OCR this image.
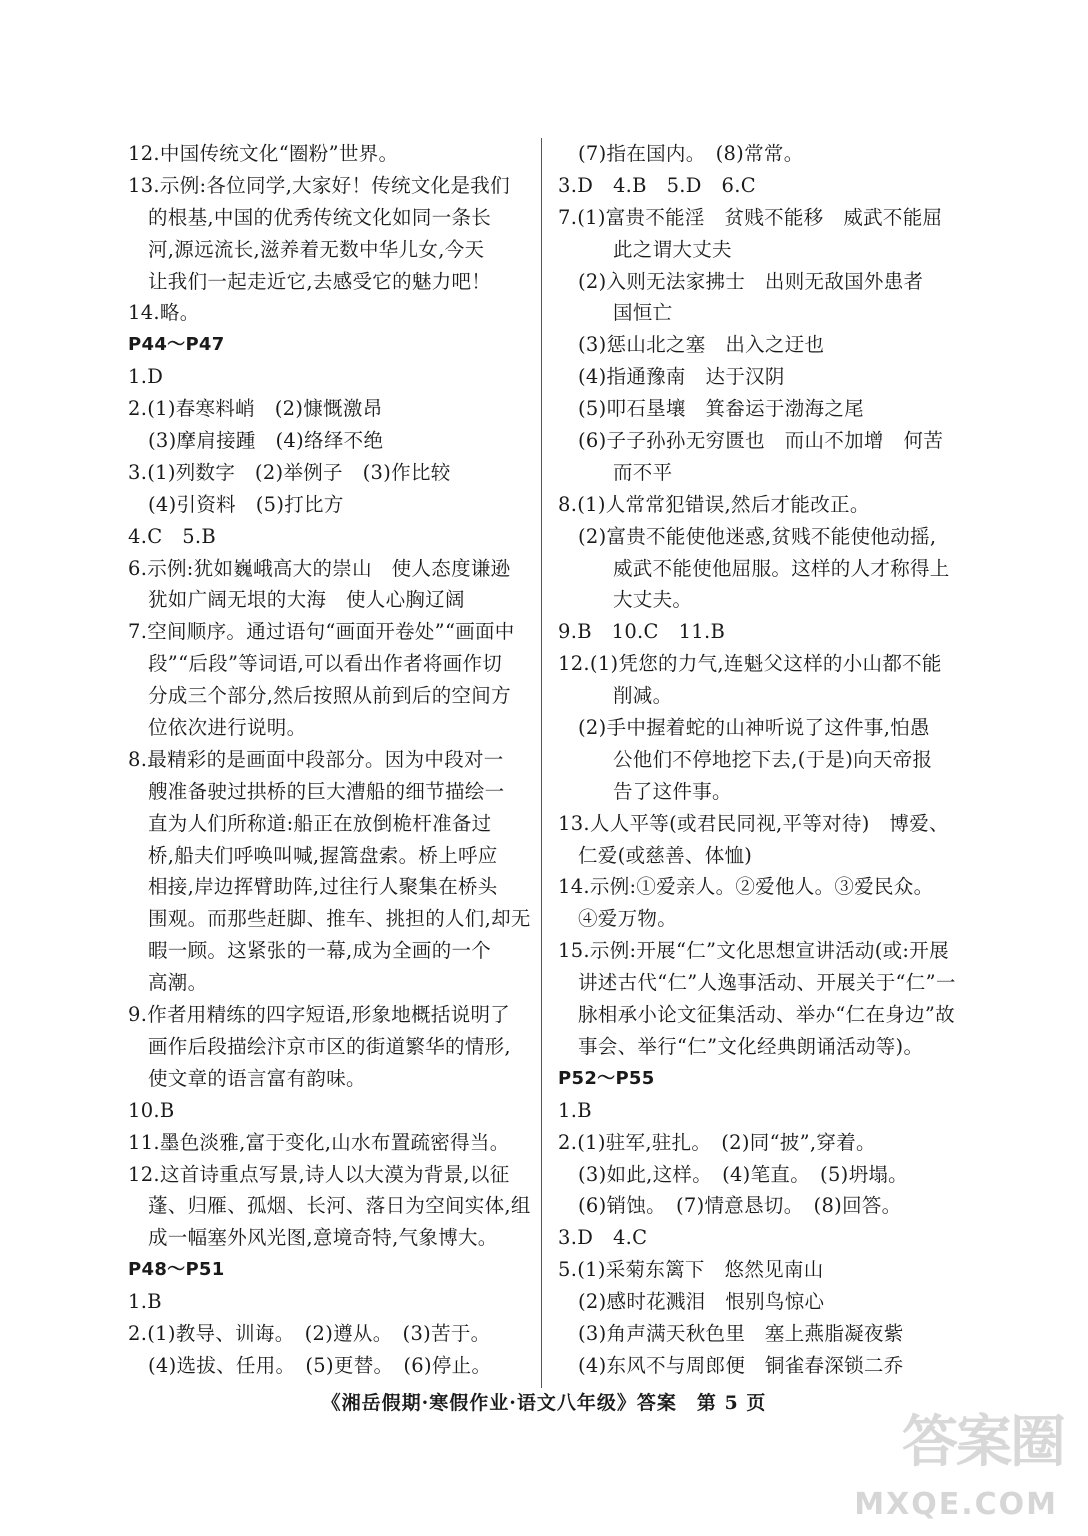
12.中国传统文化“圈粉”世界。
13.示例:各位同学,大家好！传统文化是我们
的根基,中国的优秀传统文化如同一条长
河,源远流长,滋养着无数中华儿女,今天
让我们一起走近它,去感受它的魅力吧！
14.略。
P44～P47
1.D
2.(1)春寒料峭　(2)慷慨激昂
(3)摩肩接踵　(4)络绎不绝
3.(1)列数字　(2)举例子　(3)作比较
(4)引资料　(5)打比方
4.C　5.B
6.示例:犹如巍峨高大的崇山　使人态度谦逊
犹如广阔无垠的大海　使人心胸辽阔
7.空间顺序。通过语句“画面开卷处”“画面中
段”“后段”等词语,可以看出作者将画作切
分成三个部分,然后按照从前到后的空间方
位依次进行说明。
8.最精彩的是画面中段部分。因为中段对一
艘准备驶过拱桥的巨大漕船的细节描绘一
直为人们所称道:船正在放倒桅杆准备过
桥,船夫们呼唤叫喊,握篙盘索。桥上呼应
相接,岸边挥臂助阵,过往行人聚集在桥头
围观。而那些赶脚、推车、挑担的人们,却无
暇一顾。这紧张的一幕,成为全画的一个
高潮。
9.作者用精练的四字短语,形象地概括说明了
画作后段描绘汴京市区的街道繁华的情形,
使文章的语言富有韵味。
10.B
11.墨色淡雅,富于变化,山水布置疏密得当。
12.这首诗重点写景,诗人以大漠为背景,以征
蓬、归雁、孤烟、长河、落日为空间实体,组
成一幅塞外风光图,意境奇特,气象博大。
P48～P51
1.B
2.(1)教导、训诲。　(2)遵从。　(3)苦于。
(4)选拔、任用。　(5)更替。　(6)停止。
(7)指在国内。　(8)常常。
3.D　4.B　5.D　6.C
7.(1)富贵不能淫　贫贱不能移　威武不能屈
此之谓大丈夫
(2)入则无法家拂士　出则无敌国外患者
国恒亡
(3)惩山北之塞　出入之迂也
(4)指通豫南　达于汉阴
(5)叩石垦壤　箕畚运于渤海之尾
(6)子子孙孙无穷匮也　而山不加增　何苦
而不平
8.(1)人常常犯错误,然后才能改正。
(2)富贵不能使他迷惑,贫贱不能使他动摇,
威武不能使他屈服。这样的人才称得上
大丈夫。
9.B　10.C　11.B
12.(1)凭您的力气,连魁父这样的小山都不能
削减。
(2)手中握着蛇的山神听说了这件事,怕愚
公他们不停地挖下去,(于是)向天帝报
告了这件事。
13.人人平等(或君民同视,平等对待)　博爱、
仁爱(或慈善、体恤)
14.示例:①爱亲人。②爱他人。③爱民众。
④爱万物。
15.示例:开展“仁”文化思想宣讲活动(或:开展
讲述古代“仁”人逸事活动、开展关于“仁”一
脉相承小论文征集活动、举办“仁在身边”故
事会、举行“仁”文化经典朗诵活动等)。
P52～P55
1.B
2.(1)驻军,驻扎。　(2)同“披”,穿着。
(3)如此,这样。　(4)笔直。　(5)坍塌。
(6)销蚀。　(7)情意恳切。　(8)回答。
3.D　4.C
5.(1)采菊东篱下　悠然见南山
(2)感时花溅泪　恨别鸟惊心
(3)角声满天秋色里　塞上燕脂凝夜紫
(4)东风不与周郎便　铜雀春深锁二乔
《湘岳假期·寒假作业·语文八年级》答案　第 5 页
答案圈
MXQE.COM
